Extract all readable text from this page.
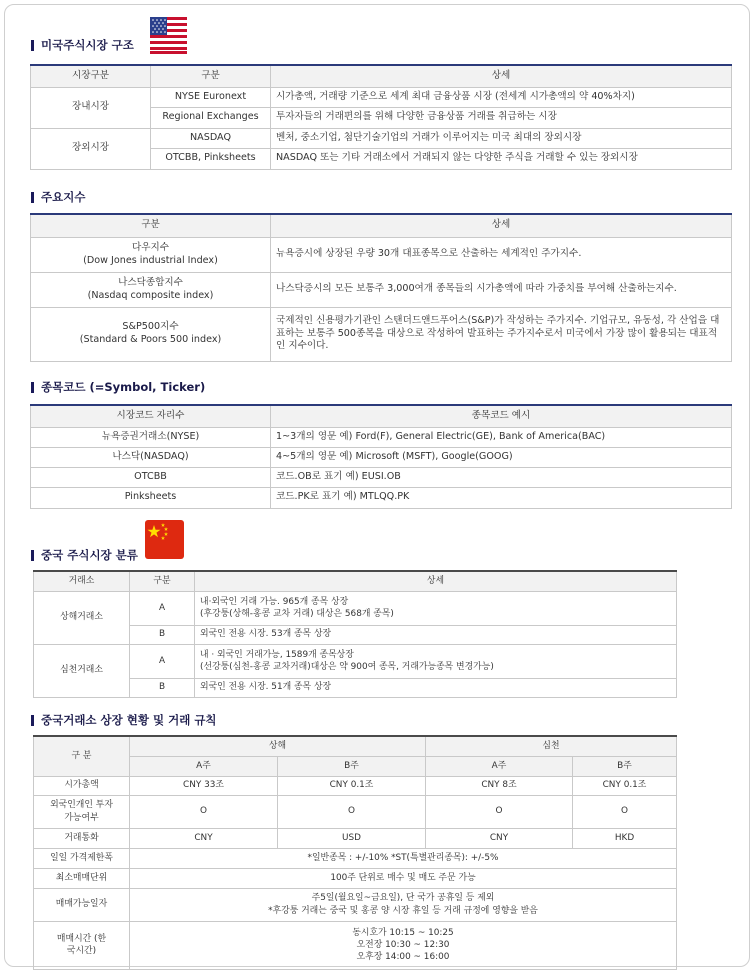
미국주식시장 구조
시장구분	구분	상세
장내시장	NYSE Euronext	시가총액, 거래량 기준으로 세계 최대 금융상품 시장 (전세계 시가총액의 약 40%차지)
	Regional Exchanges	투자자들의 거래편의를 위해 다양한 금융상품 거래를 취급하는 시장
장외시장	NASDAQ	벤처, 중소기업, 첨단기술기업의 거래가 이루어지는 미국 최대의 장외시장
	OTCBB, Pinksheets	NASDAQ 또는 기타 거래소에서 거래되지 않는 다양한 주식을 거래할 수 있는 장외시장
주요지수
구분	상세

다우지수
(Dow Jones industrial Index)	뉴욕증시에 상장된 우량 30개 대표종목으로 산출하는 세계적인 주가지수.

나스닥종합지수
(Nasdaq composite index)	나스닥증시의 모든 보통주 3,000여개 종목들의 시가총액에 따라 가중치를 부여해 산출하는지수.

S&P500지수
(Standard & Poors 500 index)	국제적인 신용평가기관인 스탠더드앤드푸어스(S&P)가 작성하는 주가지수. 기업규모, 유동성, 각 산업을 대표하는 보통주 500종목을 대상으로 작성하여 발표하는 주가지수로서 미국에서 가장 많이 활용되는 대표적인 지수이다.
종목코드 (=Symbol, Ticker)
시장코드 자리수	종목코드 예시
뉴욕증권거래소(NYSE)	1~3개의 영문 예) Ford(F), General Electric(GE), Bank of America(BAC)
나스닥(NASDAQ)	4~5개의 영문 예) Microsoft (MSFT), Google(GOOG)
OTCBB	코드.OB로 표기 예) EUSI.OB
Pinksheets	코드.PK로 표기 예) MTLQQ.PK
중국 주식시장 분류
거래소	구분	상세
상해거래소	A	내·외국인 거래 가능. 965개 종목 상장
(후강퉁(상해-홍콩 교차 거래) 대상은 568개 종목)

	B	외국인 전용 시장. 53개 종목 상장
심천거래소	A	내 · 외국인 거래가능, 1589개 종목상장
(선강퉁(심천-홍콩 교차거래)대상은 약 900여 종목, 거래가능종목 변경가능)

	B	외국인 전용 시장. 51개 종목 상장
중국거래소 상장 현황 및 거래 규칙
구 분	상해		심천	
	A주	B주	A주	B주
시가총액	CNY 33조	CNY 0.1조	CNY 8조	CNY 0.1조
외국인개인 투자가능여부	O	O	O	O
거래통화	CNY	USD	CNY	HKD
일일 가격제한폭	*일반종목 : +/-10% *ST(특별관리종목): +/-5%			
최소매매단위	100주 단위로 매수 및 매도 주문 가능			
매매가능일자	주5일(월요일~금요일), 단 국가 공휴일 등 제외
*후강퉁 거래는 중국 및 홍콩 양 시장 휴일 등 거래 규정에 영향을 받음			

매매시간 (한국시간)	동시호가 10:15 ~ 10:25
오전장 10:30 ~ 12:30
오후장 14:00 ~ 16:00			
